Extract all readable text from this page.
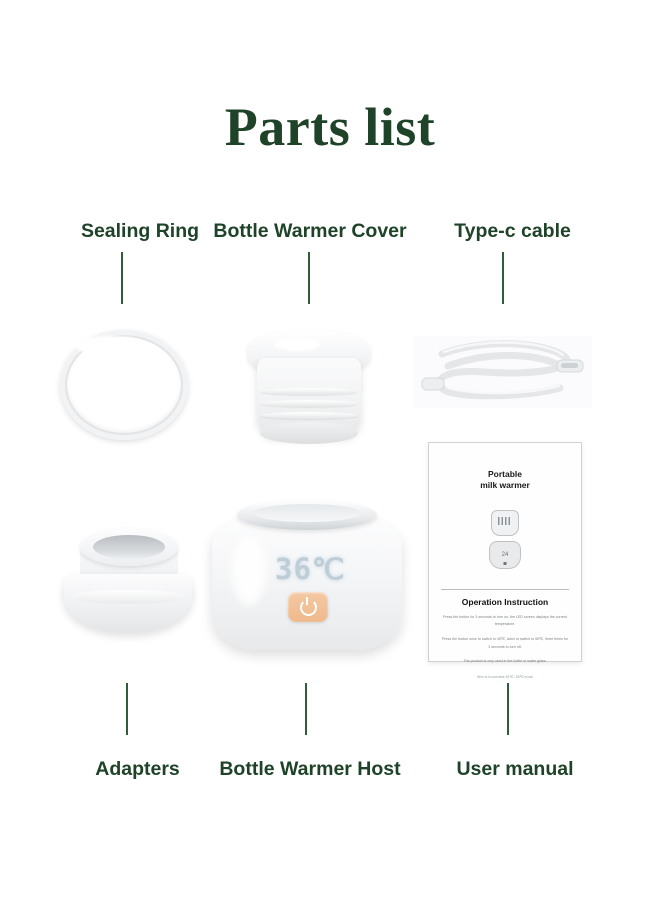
Parts list
Sealing Ring Bottle Warmer Cover	Type-c cable
Adapters	Bottle Warmer Host	User manual
36℃
Portable
milk warmer
24
Operation Instruction
Press the button for 3 seconds to turn on, the LED screen displays the current temperature.
Press the button once to switch to 45℃, twice to switch to 55℃, three times for 3 seconds to turn off.
The product is only used in the bottle or water glass.
Item is in constant 45℃ / 55℃ mode
